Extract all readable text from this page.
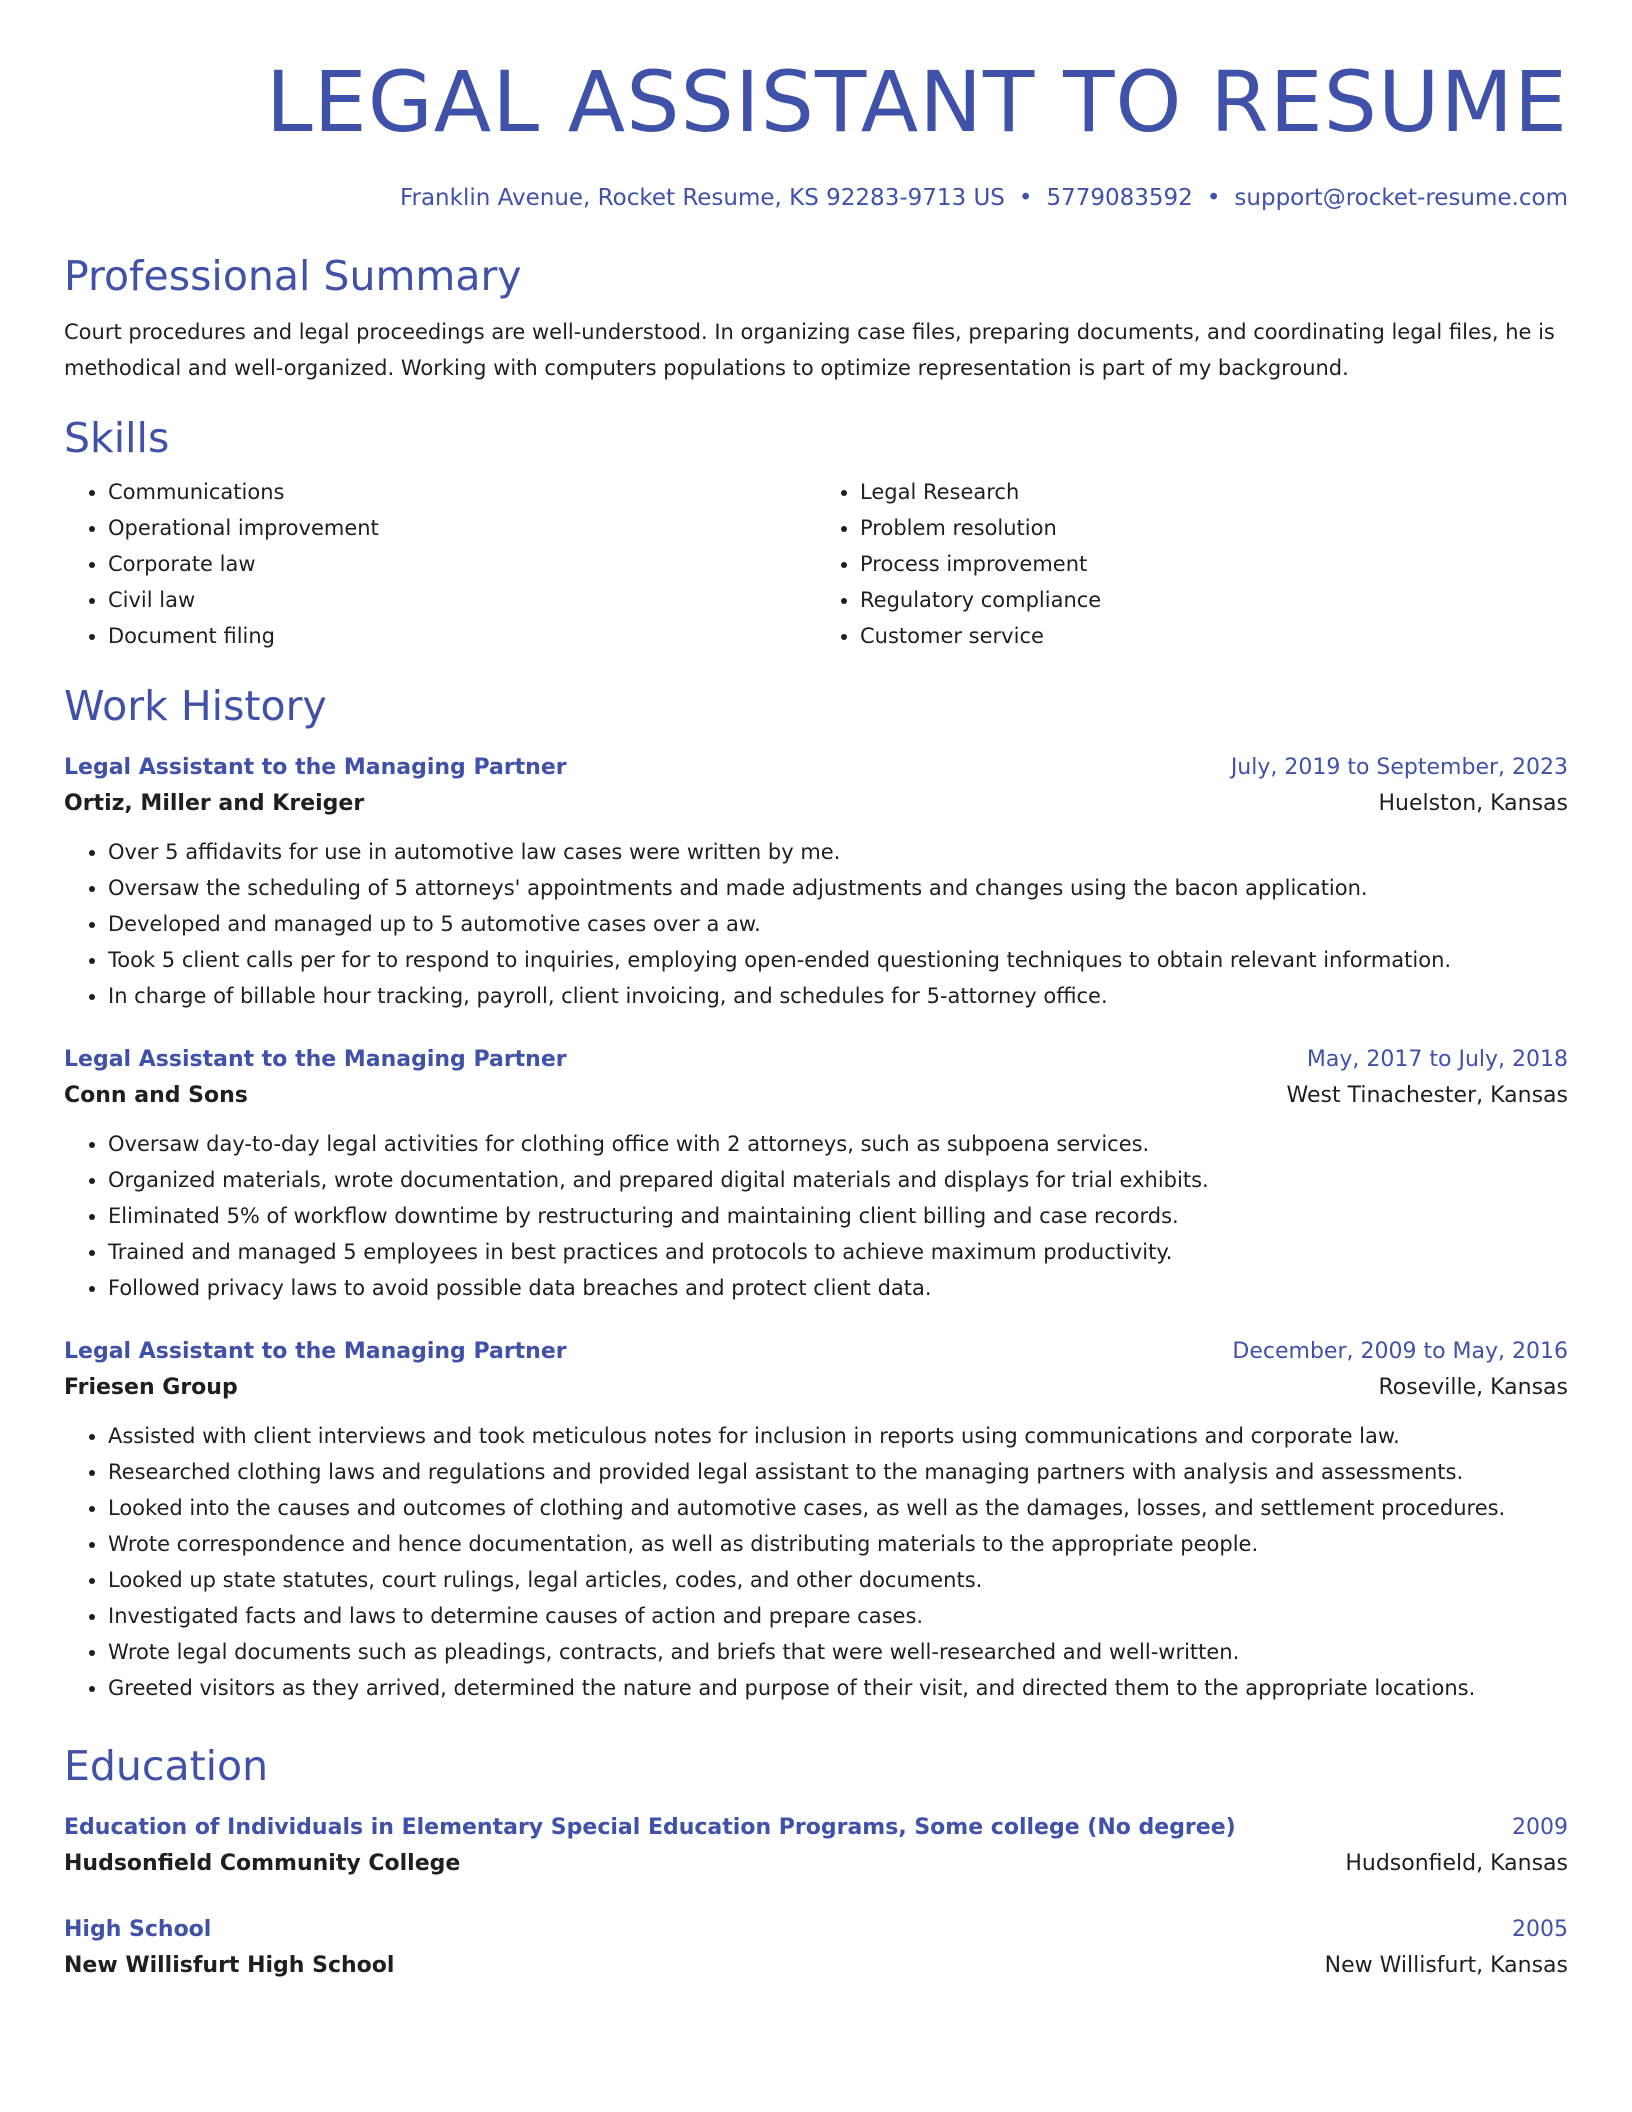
LEGAL ASSISTANT TO RESUME
Franklin Avenue, Rocket Resume, KS 92283-9713 US • 5779083592 • support@rocket-resume.com
Professional Summary

Court procedures and legal proceedings are well-understood. In organizing case files, preparing documents, and coordinating legal files, he is methodical and well-organized. Working with computers populations to optimize representation is part of my background.

Skills
• Communications
• Operational improvement
• Corporate law
• Civil law
• Document filing
• Legal Research
• Problem resolution
• Process improvement
• Regulatory compliance
• Customer service
Work History
Legal Assistant to the Managing Partner	July, 2019 to September, 2023
Ortiz, Miller and Kreiger	Huelston, Kansas
• Over 5 affidavits for use in automotive law cases were written by me.
• Oversaw the scheduling of 5 attorneys' appointments and made adjustments and changes using the bacon application.
• Developed and managed up to 5 automotive cases over a aw.
• Took 5 client calls per for to respond to inquiries, employing open-ended questioning techniques to obtain relevant information.
• In charge of billable hour tracking, payroll, client invoicing, and schedules for 5-attorney office.
Legal Assistant to the Managing Partner	May, 2017 to July, 2018
Conn and Sons	West Tinachester, Kansas
• Oversaw day-to-day legal activities for clothing office with 2 attorneys, such as subpoena services.
• Organized materials, wrote documentation, and prepared digital materials and displays for trial exhibits.
• Eliminated 5% of workflow downtime by restructuring and maintaining client billing and case records.
• Trained and managed 5 employees in best practices and protocols to achieve maximum productivity.
• Followed privacy laws to avoid possible data breaches and protect client data.
Legal Assistant to the Managing Partner	December, 2009 to May, 2016
Friesen Group	Roseville, Kansas
• Assisted with client interviews and took meticulous notes for inclusion in reports using communications and corporate law.
• Researched clothing laws and regulations and provided legal assistant to the managing partners with analysis and assessments.
• Looked into the causes and outcomes of clothing and automotive cases, as well as the damages, losses, and settlement procedures.
• Wrote correspondence and hence documentation, as well as distributing materials to the appropriate people.
• Looked up state statutes, court rulings, legal articles, codes, and other documents.
• Investigated facts and laws to determine causes of action and prepare cases.
• Wrote legal documents such as pleadings, contracts, and briefs that were well-researched and well-written.
• Greeted visitors as they arrived, determined the nature and purpose of their visit, and directed them to the appropriate locations.
Education
Education of Individuals in Elementary Special Education Programs, Some college (No degree)	2009
Hudsonfield Community College	Hudsonfield, Kansas
High School	2005
New Willisfurt High School	New Willisfurt, Kansas
